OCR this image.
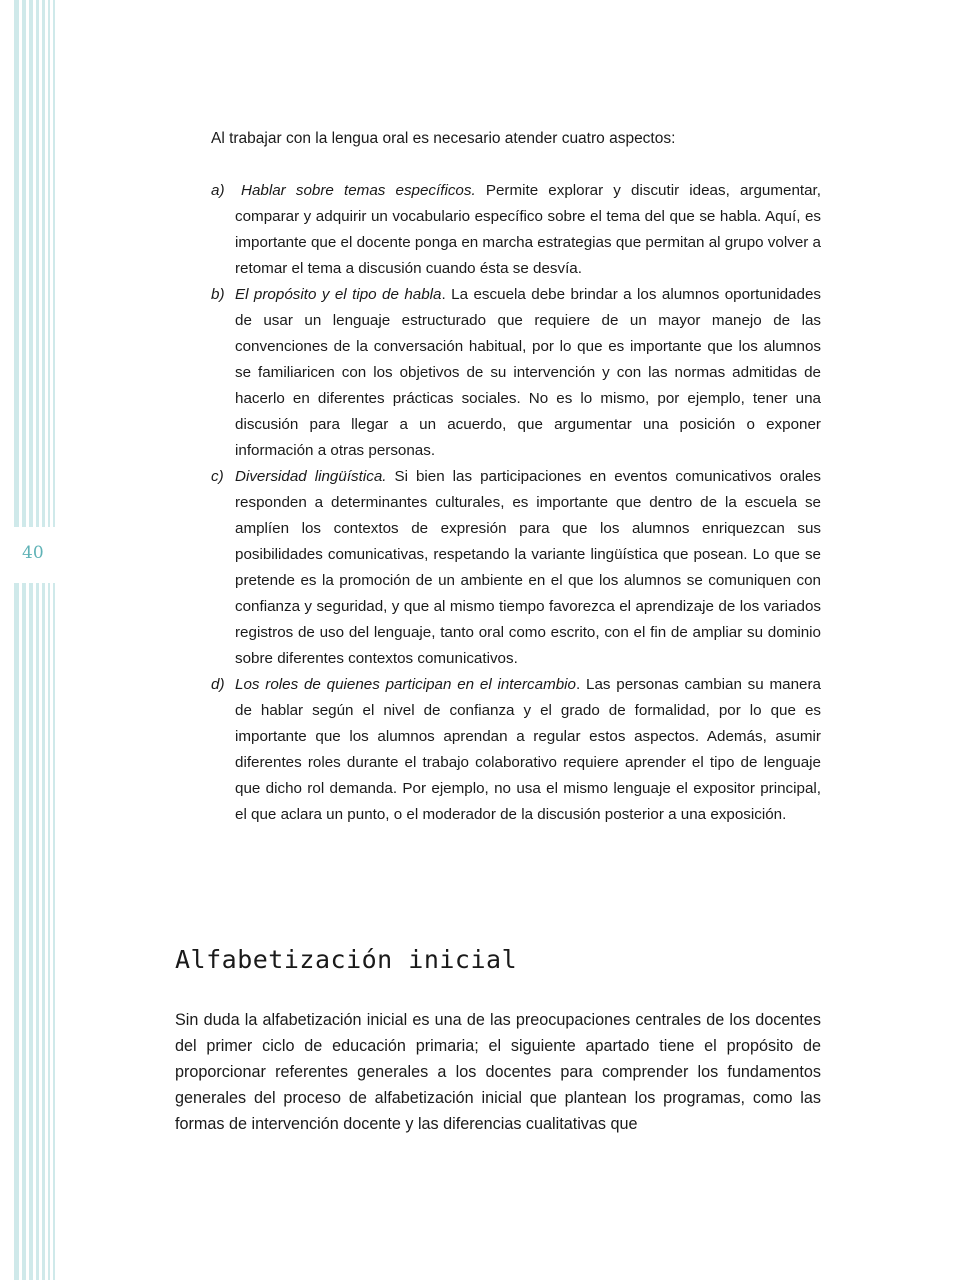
40

Al trabajar con la lengua oral es necesario atender cuatro aspectos:

a) Hablar sobre temas específicos. Permite explorar y discutir ideas, argumentar, comparar y adquirir un vocabulario específico sobre el tema del que se habla. Aquí, es importante que el docente ponga en marcha estrategias que permitan al grupo volver a retomar el tema a discusión cuando ésta se desvía.
b) El propósito y el tipo de habla. La escuela debe brindar a los alumnos oportunidades de usar un lenguaje estructurado que requiere de un mayor manejo de las convenciones de la conversación habitual, por lo que es importante que los alumnos se familiaricen con los objetivos de su intervención y con las normas admitidas de hacerlo en diferentes prácticas sociales. No es lo mismo, por ejemplo, tener una discusión para llegar a un acuerdo, que argumentar una posición o exponer información a otras personas.
c) Diversidad lingüística. Si bien las participaciones en eventos comunicativos orales responden a determinantes culturales, es importante que dentro de la escuela se amplíen los contextos de expresión para que los alumnos enriquezcan sus posibilidades comunicativas, respetando la variante lingüística que posean. Lo que se pretende es la promoción de un ambiente en el que los alumnos se comuniquen con confianza y seguridad, y que al mismo tiempo favorezca el aprendizaje de los variados registros de uso del lenguaje, tanto oral como escrito, con el fin de ampliar su dominio sobre diferentes contextos comunicativos.
d) Los roles de quienes participan en el intercambio. Las personas cambian su manera de hablar según el nivel de confianza y el grado de formalidad, por lo que es importante que los alumnos aprendan a regular estos aspectos. Además, asumir diferentes roles durante el trabajo colaborativo requiere aprender el tipo de lenguaje que dicho rol demanda. Por ejemplo, no usa el mismo lenguaje el expositor principal, el que aclara un punto, o el moderador de la discusión posterior a una exposición.
Alfabetización inicial

Sin duda la alfabetización inicial es una de las preocupaciones centrales de los docentes del primer ciclo de educación primaria; el siguiente apartado tiene el propósito de proporcionar referentes generales a los docentes para comprender los fundamentos generales del proceso de alfabetización inicial que plantean los programas, como las formas de intervención docente y las diferencias cualitativas que
